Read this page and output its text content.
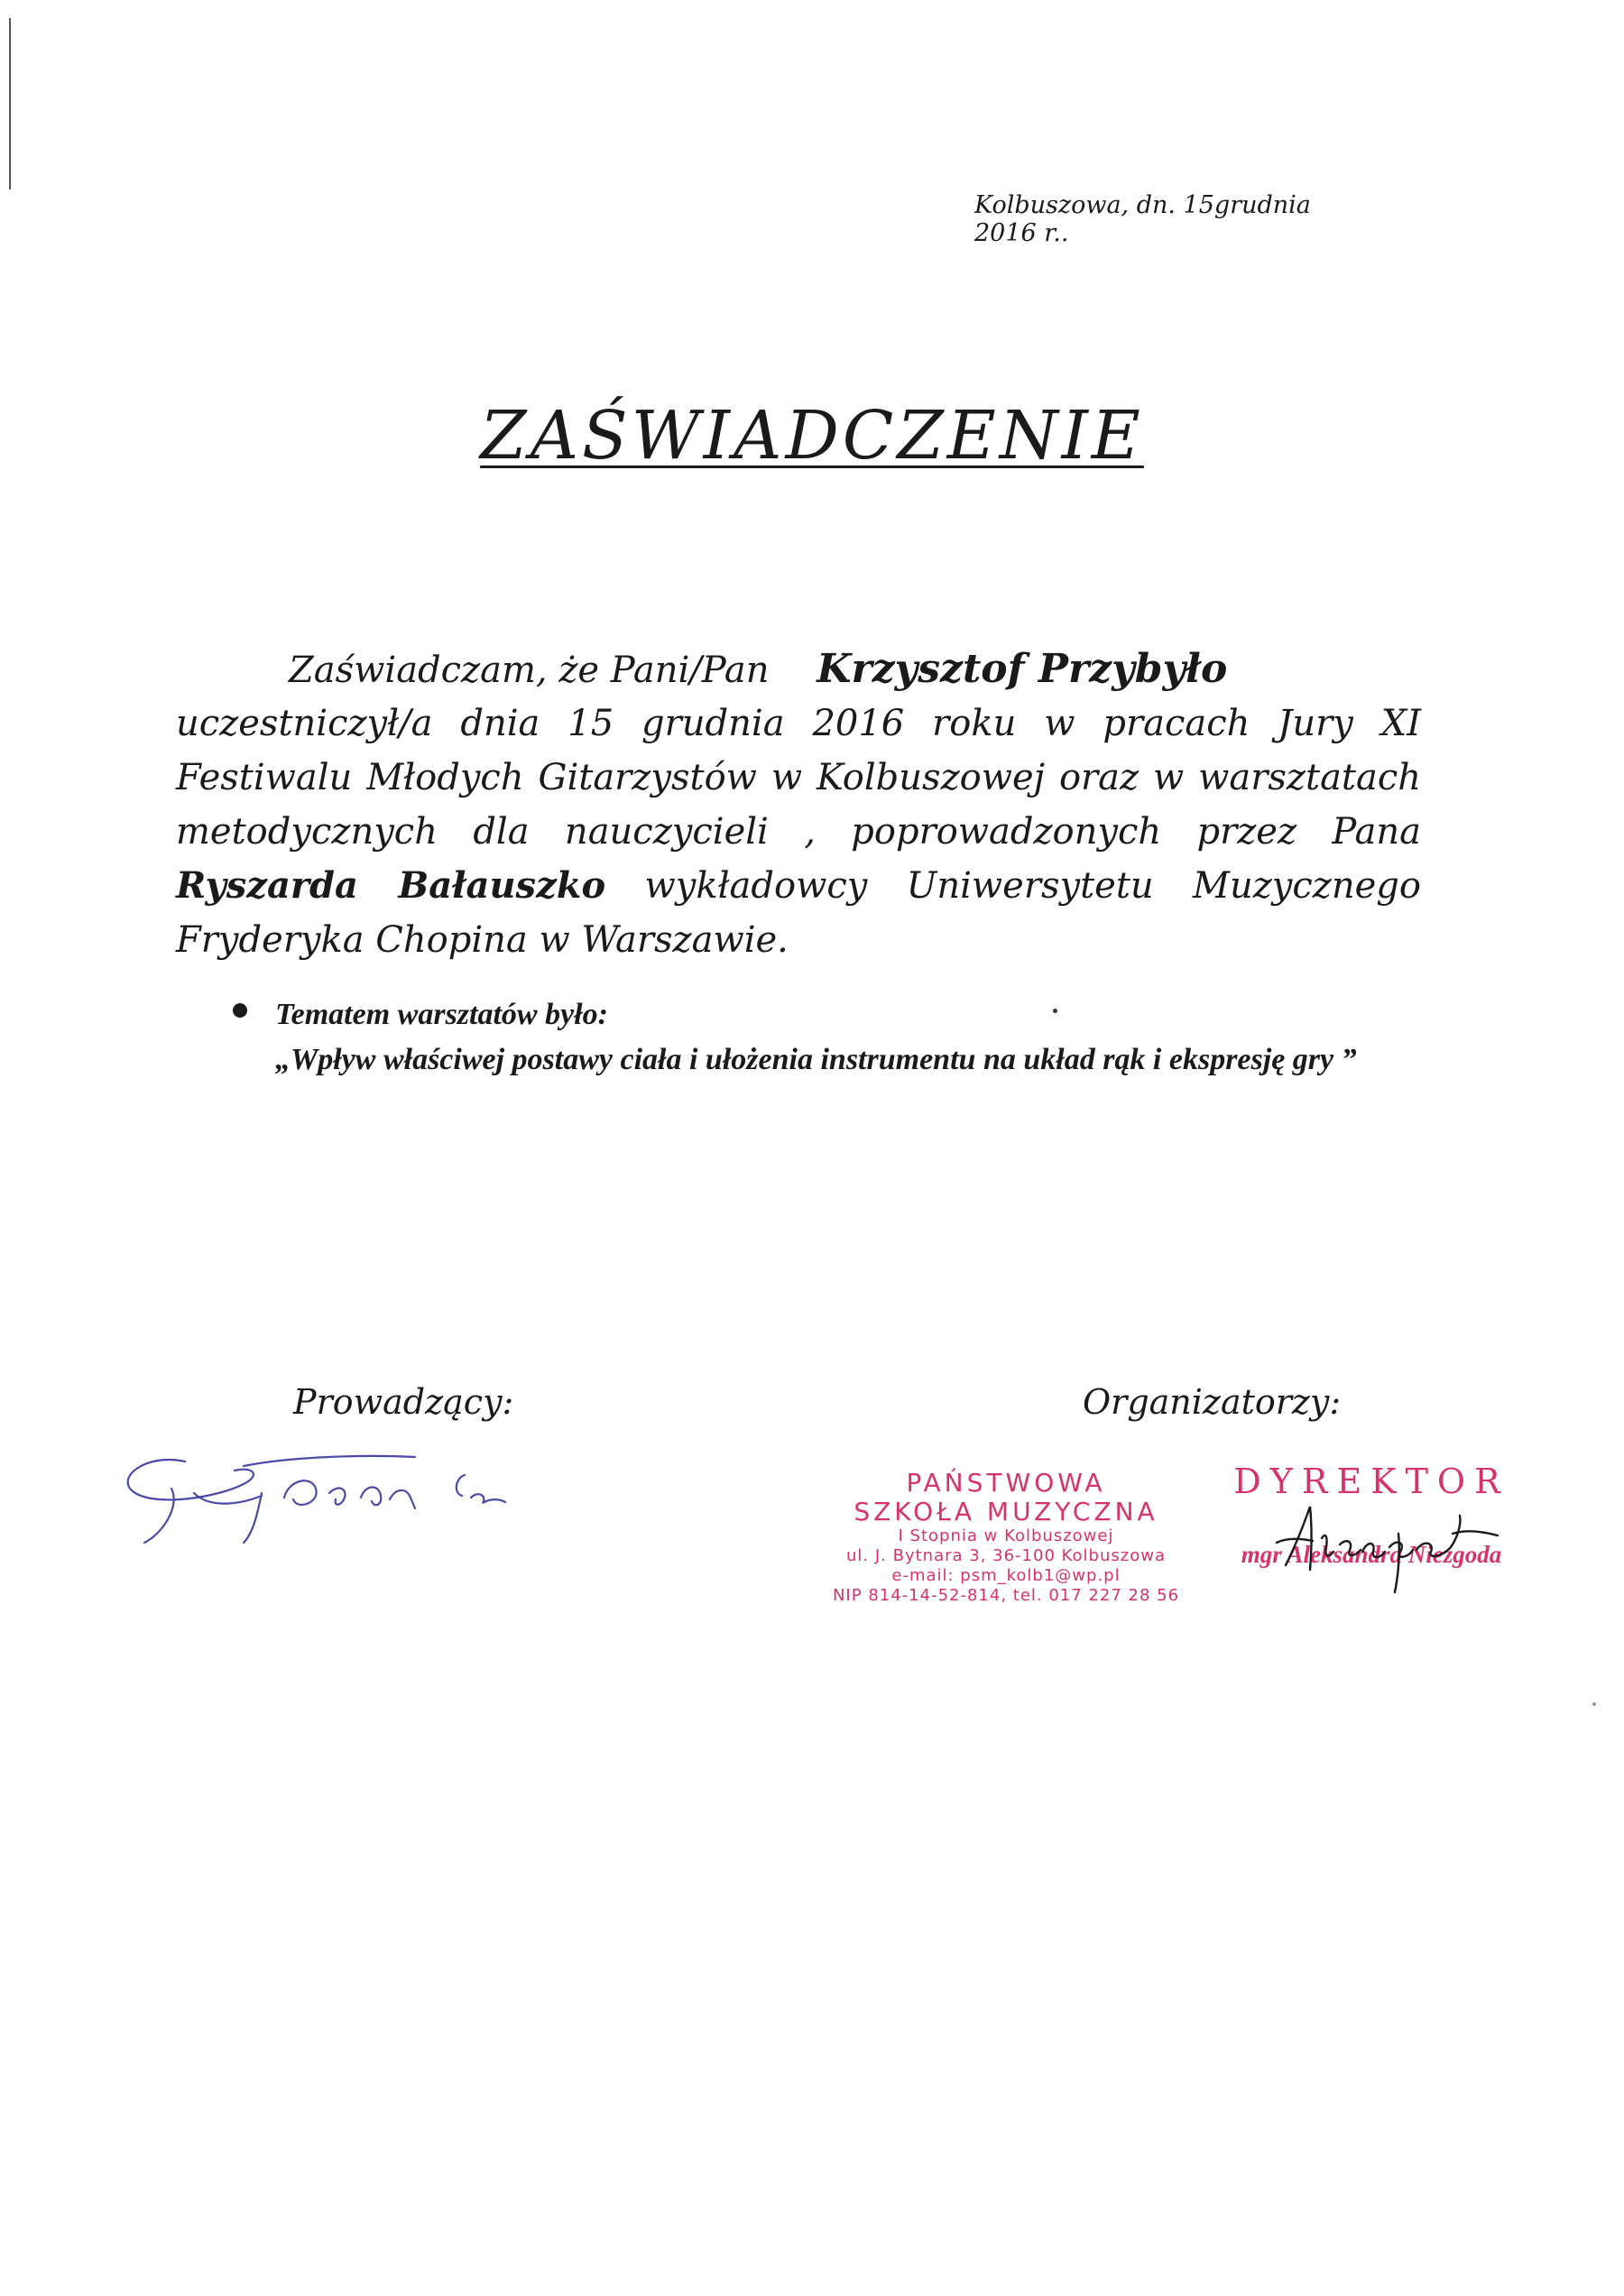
Kolbuszowa, dn. 15grudnia 2016 r..
ZAŚWIADCZENIE
Zaświadczam, że Pani/Pan Krzysztof Przybyło
uczestniczył/a dnia 15 grudnia 2016 roku w pracach Jury XI Festiwalu Młodych Gitarzystów w Kolbuszowej oraz w warsztatach metodycznych dla nauczycieli , poprowadzonych przez Pana Ryszarda Bałauszko wykładowcy Uniwersytetu Muzycznego Fryderyka Chopina w Warszawie.
Tematem warsztatów było:
„Wpływ właściwej postawy ciała i ułożenia instrumentu na układ rąk i ekspresję gry ”
Prowadzący:	Organizatorzy:
PAŃSTWOWA
SZKOŁA MUZYCZNA
I Stopnia w Kolbuszowej
ul. J. Bytnara 3, 36-100 Kolbuszowa
e-mail: psm_kolb1@wp.pl
NIP 814-14-52-814, tel. 017 227 28 56
DYREKTOR
mgr Aleksandra Niezgoda
